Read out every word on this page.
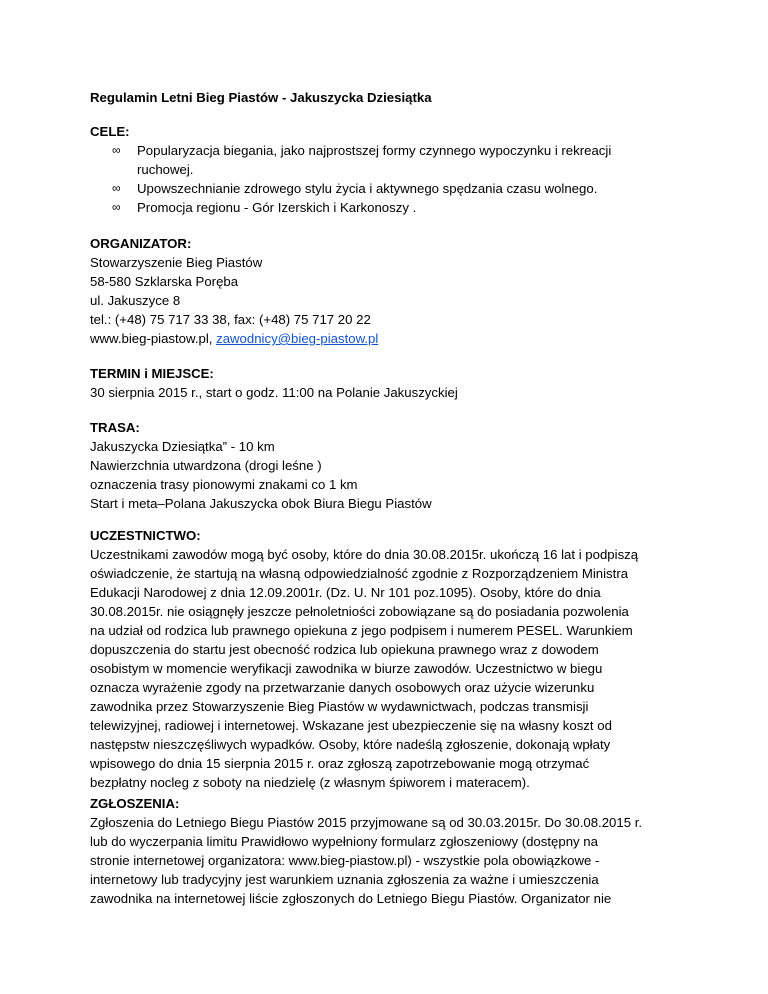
Regulamin Letni Bieg Piastów - Jakuszycka Dziesiątka
CELE:
∞ Popularyzacja biegania, jako najprostszej formy czynnego wypoczynku i rekreacji
ruchowej.
∞ Upowszechnianie zdrowego stylu życia i aktywnego spędzania czasu wolnego.
∞ Promocja regionu - Gór Izerskich i Karkonoszy .
ORGANIZATOR:
Stowarzyszenie Bieg Piastów
58-580 Szklarska Poręba
ul. Jakuszyce 8
tel.: (+48) 75 717 33 38, fax: (+48) 75 717 20 22
www.bieg-piastow.pl, zawodnicy@bieg-piastow.pl
TERMIN i MIEJSCE:
30 sierpnia 2015 r., start o godz. 11:00 na Polanie Jakuszyckiej
TRASA:
Jakuszycka Dziesiątka” - 10 km
Nawierzchnia utwardzona (drogi leśne )
oznaczenia trasy pionowymi znakami co 1 km
Start i meta–Polana Jakuszycka obok Biura Biegu Piastów
UCZESTNICTWO:
Uczestnikami zawodów mogą być osoby, które do dnia 30.08.2015r. ukończą 16 lat i podpiszą
oświadczenie, że startują na własną odpowiedzialność zgodnie z Rozporządzeniem Ministra
Edukacji Narodowej z dnia 12.09.2001r. (Dz. U. Nr 101 poz.1095). Osoby, które do dnia
30.08.2015r. nie osiągnęły jeszcze pełnoletniości zobowiązane są do posiadania pozwolenia
na udział od rodzica lub prawnego opiekuna z jego podpisem i numerem PESEL. Warunkiem
dopuszczenia do startu jest obecność rodzica lub opiekuna prawnego wraz z dowodem
osobistym w momencie weryfikacji zawodnika w biurze zawodów. Uczestnictwo w biegu
oznacza wyrażenie zgody na przetwarzanie danych osobowych oraz użycie wizerunku
zawodnika przez Stowarzyszenie Bieg Piastów w wydawnictwach, podczas transmisji
telewizyjnej, radiowej i internetowej. Wskazane jest ubezpieczenie się na własny koszt od
następstw nieszczęśliwych wypadków. Osoby, które nadeślą zgłoszenie, dokonają wpłaty
wpisowego do dnia 15 sierpnia 2015 r. oraz zgłoszą zapotrzebowanie mogą otrzymać
bezpłatny nocleg z soboty na niedzielę (z własnym śpiworem i materacem).
ZGŁOSZENIA:
Zgłoszenia do Letniego Biegu Piastów 2015 przyjmowane są od 30.03.2015r. Do 30.08.2015 r.
lub do wyczerpania limitu Prawidłowo wypełniony formularz zgłoszeniowy (dostępny na
stronie internetowej organizatora: www.bieg-piastow.pl) - wszystkie pola obowiązkowe -
internetowy lub tradycyjny jest warunkiem uznania zgłoszenia za ważne i umieszczenia
zawodnika na internetowej liście zgłoszonych do Letniego Biegu Piastów. Organizator nie
